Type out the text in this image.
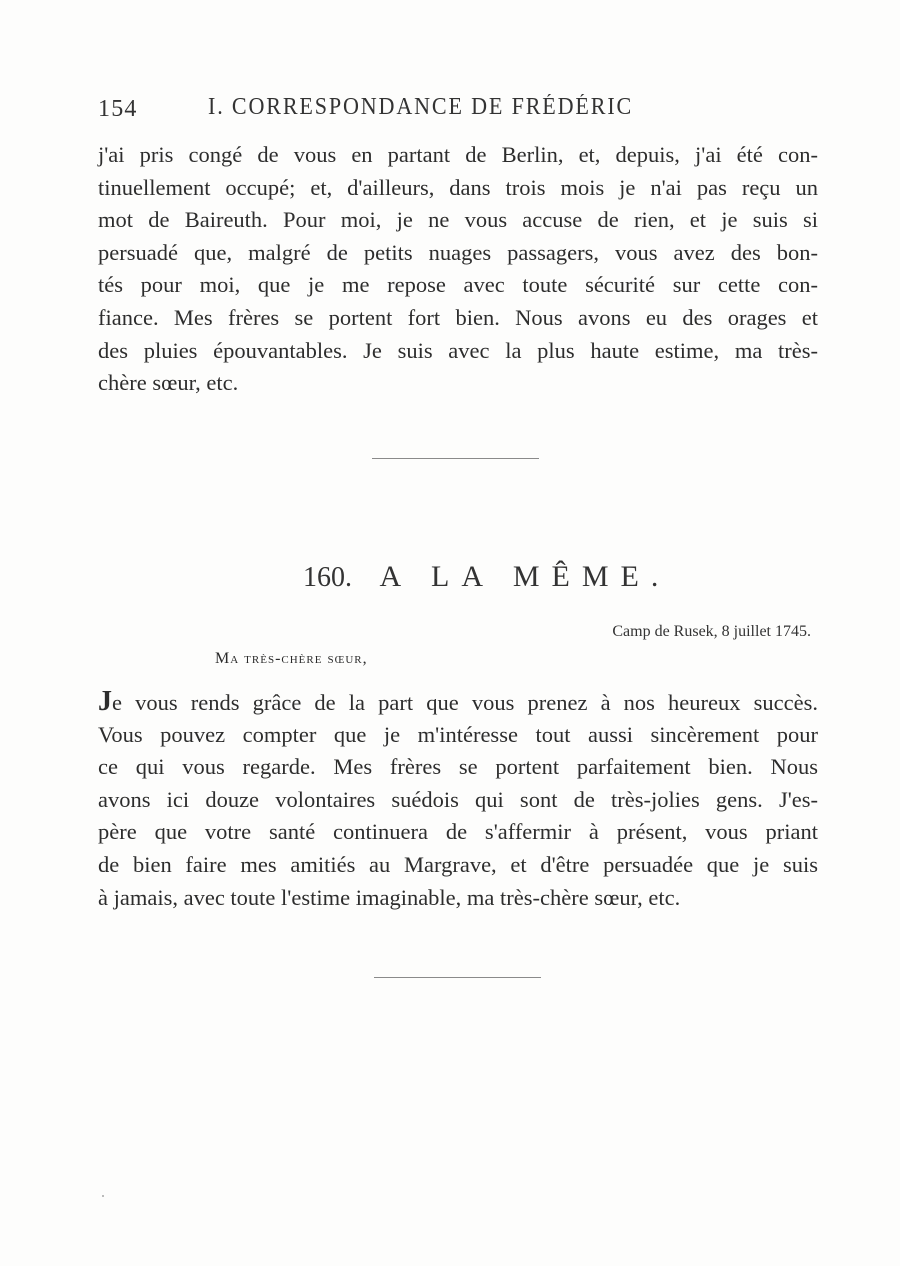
154	I. CORRESPONDANCE DE FRÉDÉRIC
j'ai pris congé de vous en partant de Berlin, et, depuis, j'ai été con-
tinuellement occupé; et, d'ailleurs, dans trois mois je n'ai pas reçu un
mot de Baireuth. Pour moi, je ne vous accuse de rien, et je suis si
persuadé que, malgré de petits nuages passagers, vous avez des bon-
tés pour moi, que je me repose avec toute sécurité sur cette con-
fiance. Mes frères se portent fort bien. Nous avons eu des orages et
des pluies épouvantables. Je suis avec la plus haute estime, ma très-
chère sœur, etc.
160. A LA MÊME.
Camp de Rusek, 8 juillet 1745.
Ma très-chère sœur,
Je vous rends grâce de la part que vous prenez à nos heureux succès.
Vous pouvez compter que je m'intéresse tout aussi sincèrement pour
ce qui vous regarde. Mes frères se portent parfaitement bien. Nous
avons ici douze volontaires suédois qui sont de très-jolies gens. J'es-
père que votre santé continuera de s'affermir à présent, vous priant
de bien faire mes amitiés au Margrave, et d'être persuadée que je suis
à jamais, avec toute l'estime imaginable, ma très-chère sœur, etc.
